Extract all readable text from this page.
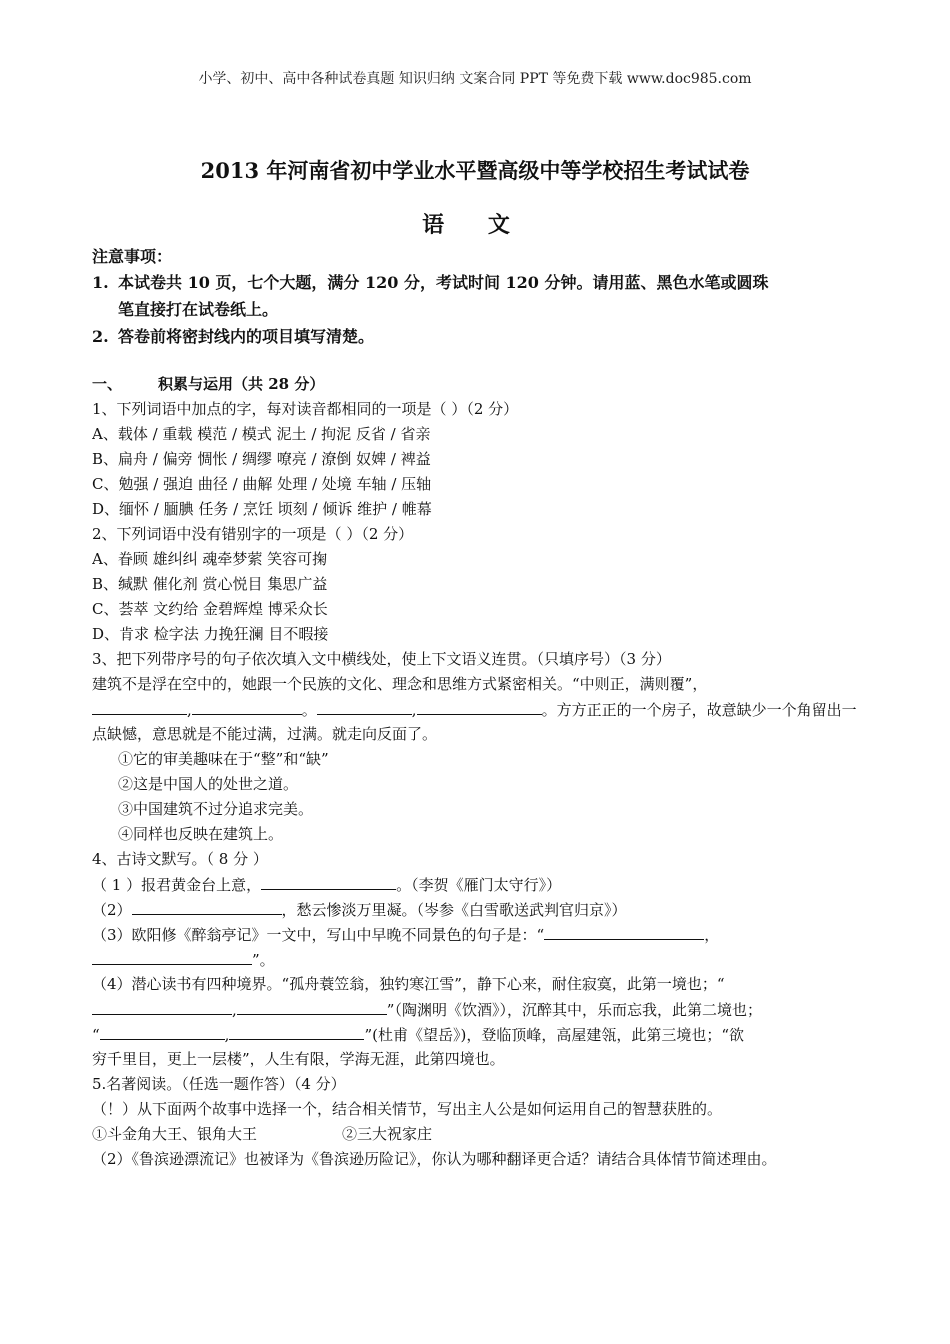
小学、初中、高中各种试卷真题 知识归纳 文案合同 PPT 等免费下载 www.doc985.com
2013 年河南省初中学业水平暨高级中等学校招生考试试卷
语 文
注意事项：
1. 本试卷共 10 页，七个大题，满分 120 分，考试时间 120 分钟。请用蓝、黑色水笔或圆珠
笔直接打在试卷纸上。
2. 答卷前将密封线内的项目填写清楚。
一、 积累与运用（共 28 分）
1、下列词语中加点的字，每对读音都相同的一项是（ ）（2 分）
A、载体 / 重载 模范 / 模式 泥土 / 拘泥 反省 / 省亲
B、扁舟 / 偏旁 惆怅 / 绸缪 嘹亮 / 潦倒 奴婢 / 裨益
C、勉强 / 强迫 曲径 / 曲解 处理 / 处境 车轴 / 压轴
D、缅怀 / 腼腆 任务 / 烹饪 顷刻 / 倾诉 维护 / 帷幕
2、下列词语中没有错别字的一项是（ ）（2 分）
A、眷顾 雄纠纠 魂牵梦萦 笑容可掬
B、缄默 催化剂 赏心悦目 集思广益
C、荟萃 文约给 金碧辉煌 博采众长
D、肯求 检字法 力挽狂澜 目不暇接
3、把下列带序号的句子依次填入文中横线处，使上下文语义连贯。（只填序号）（3 分）
建筑不是浮在空中的，她跟一个民族的文化、理念和思维方式紧密相关。“中则正，满则覆”，
,	。	,	。方方正正的一个房子，故意缺少一个角留出一
点缺憾，意思就是不能过满，过满。就走向反面了。
①它的审美趣味在于“整”和“缺”
②这是中国人的处世之道。
③中国建筑不过分追求完美。
④同样也反映在建筑上。
4、古诗文默写。（ 8 分 ）
（ 1 ）报君黄金台上意，	。（李贺《雁门太守行》）
（2）	，愁云惨淡万里凝。（岑参《白雪歌送武判官归京》）
（3）欧阳修《醉翁亭记》一文中，写山中早晚不同景色的句子是：“	，
”。
（4）潜心读书有四种境界。“孤舟蓑笠翁，独钓寒江雪”，静下心来，耐住寂寞，此第一境也；“
,	”（陶渊明《饮酒》），沉醉其中，乐而忘我，此第二境也；
“	,	”(杜甫《望岳》)，登临顶峰，高屋建瓴，此第三境也；“欲
穷千里目，更上一层楼”，人生有限，学海无涯，此第四境也。
5.名著阅读。（任选一题作答）（4 分）
（！）从下面两个故事中选择一个，结合相关情节，写出主人公是如何运用自己的智慧获胜的。
①斗金角大王、银角大王	②三大祝家庄
（2）《鲁滨逊漂流记》也被译为《鲁滨逊历险记》，你认为哪种翻译更合适？请结合具体情节简述理由。
